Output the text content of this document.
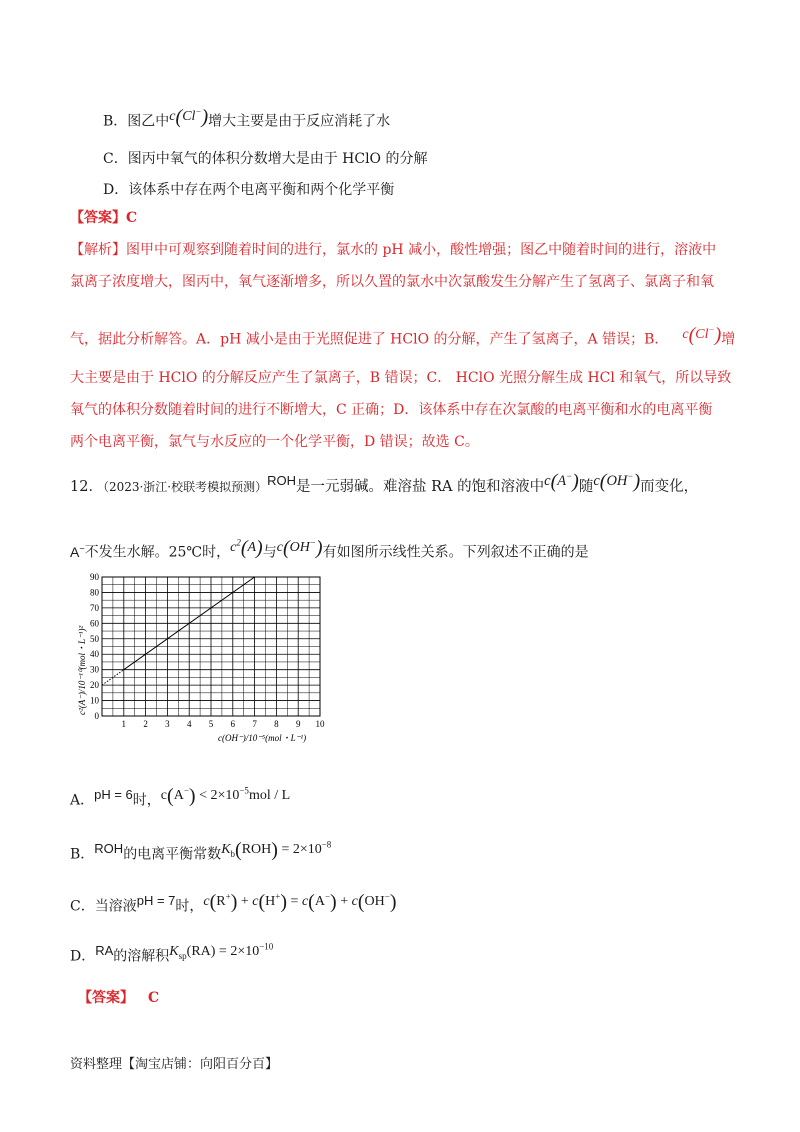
B．图乙中c(Cl−)增大主要是由于反应消耗了水
C．图丙中氧气的体积分数增大是由于 HClO 的分解
D．该体系中存在两个电离平衡和两个化学平衡
【答案】C
【解析】图甲中可观察到随着时间的进行，氯水的 pH 减小，酸性增强；图乙中随着时间的进行，溶液中
氯离子浓度增大，图丙中，氧气逐渐增多，所以久置的氯水中次氯酸发生分解产生了氢离子、氯离子和氧
气，据此分析解答。A．pH 减小是由于光照促进了 HClO 的分解，产生了氢离子，A 错误；B． c(Cl−)增
大主要是由于 HClO 的分解反应产生了氯离子，B 错误；C． HClO 光照分解生成 HCl 和氧气，所以导致
氧气的体积分数随着时间的进行不断增大，C 正确；D．该体系中存在次氯酸的电离平衡和水的电离平衡
两个电离平衡，氯气与水反应的一个化学平衡，D 错误；故选 C。
12．（2023·浙江·校联考模拟预测）ROH是一元弱碱。难溶盐 RA 的饱和溶液中c(A−)随c(OH−)而变化，
A−不发生水解。25℃时，$c^2(A)$与c(OH−)有如图所示线性关系。下列叙述不正确的是
c²(A⁻)/10⁻¹⁰(mol・L⁻¹)²
c(OH⁻)/10⁻⁵(mol・L⁻¹)
1 2 3 4 5 6 7 8 9 10
0
10
20
30
40
50
60
70
80
90
A．pH = 6时，$c(A^-) < 2\times 10^{-5}mol / L$
B．ROH的电离平衡常数$K_b(ROH) = 2\times 10^{-8}$
C．当溶液pH = 7时，c(R+) + c(H+) = c(A−) + c(OH−)
D．RA的溶解积$K_{sp}(RA) = 2\times 10^{-10}$
【答案】 C
资料整理【淘宝店铺：向阳百分百】
